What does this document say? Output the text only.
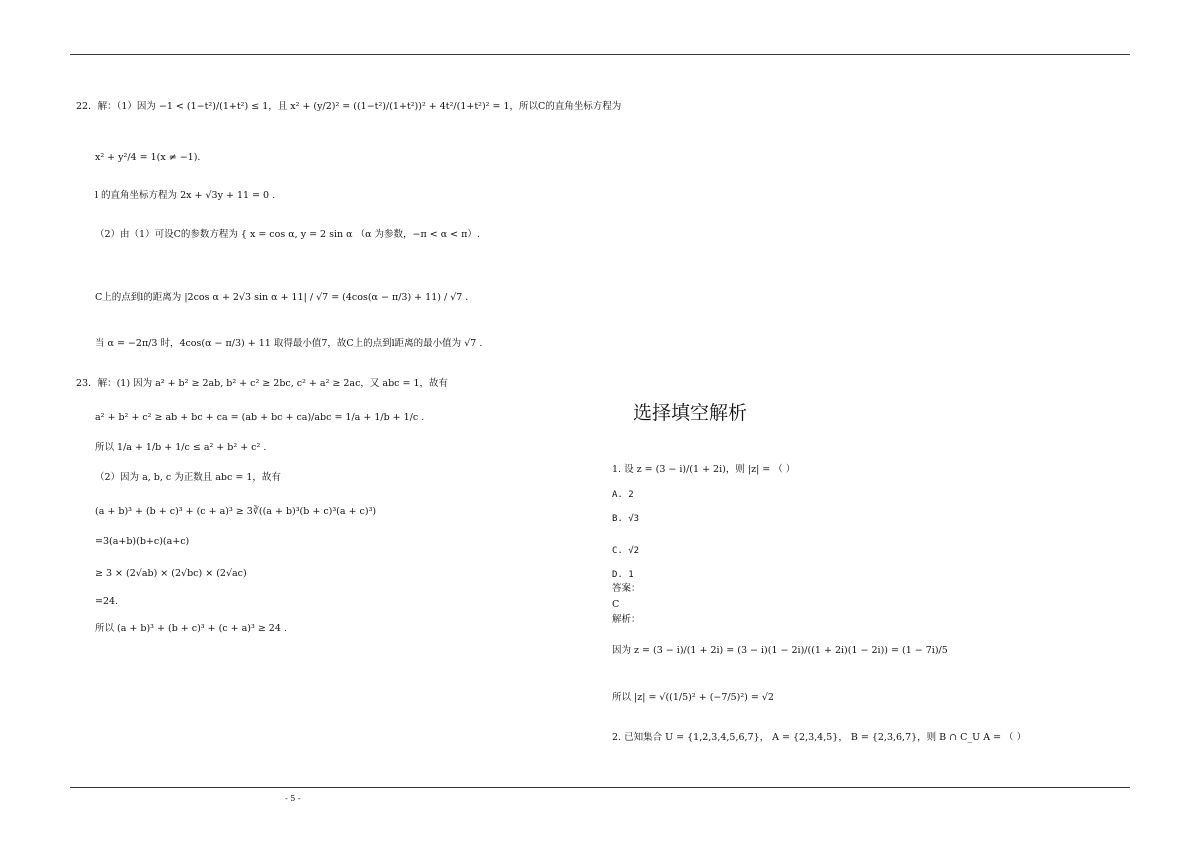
22．解：（1）因为 −1 < (1−t²)/(1+t²) ≤ 1，且 x² + (y/2)² = ((1−t²)/(1+t²))² + 4t²/(1+t²)² = 1，所以C的直角坐标方程为
x² + y²/4 = 1(x ≠ −1).
l 的直角坐标方程为 2x + √3y + 11 = 0 .
（2）由（1）可设C的参数方程为 { x = cos α, y = 2 sin α （α 为参数，−π < α < π）.
C上的点到l的距离为 |2cos α + 2√3 sin α + 11| / √7 = (4cos(α − π/3) + 11) / √7 .
当 α = −2π/3 时，4cos(α − π/3) + 11 取得最小值7，故C上的点到l距离的最小值为 √7 .
23．解：(1) 因为 a² + b² ≥ 2ab, b² + c² ≥ 2bc, c² + a² ≥ 2ac，又 abc = 1，故有
a² + b² + c² ≥ ab + bc + ca = (ab + bc + ca)/abc = 1/a + 1/b + 1/c .
所以 1/a + 1/b + 1/c ≤ a² + b² + c² .
（2）因为 a, b, c 为正数且 abc = 1，故有
(a + b)³ + (b + c)³ + (c + a)³ ≥ 3∛((a + b)³(b + c)³(a + c)³)
=3(a+b)(b+c)(a+c)
≥ 3 × (2√ab) × (2√bc) × (2√ac)
=24.
所以 (a + b)³ + (b + c)³ + (c + a)³ ≥ 24 .
选择填空解析
1. 设 z = (3 − i)/(1 + 2i)，则 |z| = （ ）
A. 2
B. √3
C. √2
D. 1
答案：
C
解析：
因为 z = (3 − i)/(1 + 2i) = (3 − i)(1 − 2i)/((1 + 2i)(1 − 2i)) = (1 − 7i)/5
所以 |z| = √((1/5)² + (−7/5)²) = √2
2. 已知集合 U = {1,2,3,4,5,6,7}， A = {2,3,4,5}， B = {2,3,6,7}，则 B ∩ C_U A = （ ）
- 5 -
